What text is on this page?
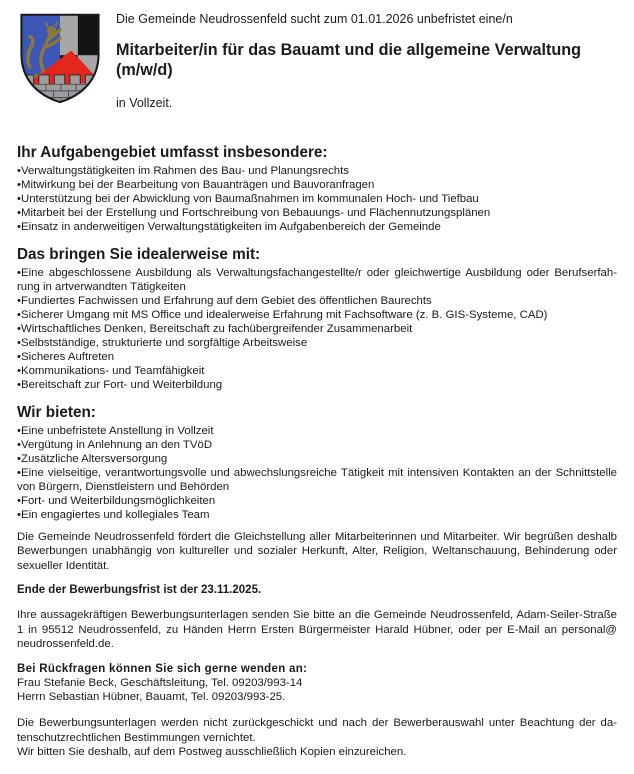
Die Gemeinde Neudrossenfeld sucht zum 01.01.2026 unbefristet eine/n

Mitarbeiter/in für das Bauamt und die allgemeine Verwaltung (m/w/d)

in Vollzeit.

Ihr Aufgabengebiet umfasst insbesondere:

• Verwaltungstätigkeiten im Rahmen des Bau- und Planungsrechts
• Mitwirkung bei der Bearbeitung von Bauanträgen und Bauvoranfragen
• Unterstützung bei der Abwicklung von Baumaßnahmen im kommunalen Hoch- und Tiefbau
• Mitarbeit bei der Erstellung und Fortschreibung von Bebauungs- und Flächennutzungsplänen
• Einsatz in anderweitigen Verwaltungstätigkeiten im Aufgabenbereich der Gemeinde

Das bringen Sie idealerweise mit:

• Eine abgeschlossene Ausbildung als Verwaltungsfachangestellte/r oder gleichwertige Ausbildung oder Berufserfahrung in artverwandten Tätigkeiten
• Fundiertes Fachwissen und Erfahrung auf dem Gebiet des öffentlichen Baurechts
• Sicherer Umgang mit MS Office und idealerweise Erfahrung mit Fachsoftware (z. B. GIS-Systeme, CAD)
• Wirtschaftliches Denken, Bereitschaft zu fachübergreifender Zusammenarbeit
• Selbstständige, strukturierte und sorgfältige Arbeitsweise
• Sicheres Auftreten
• Kommunikations- und Teamfähigkeit
• Bereitschaft zur Fort- und Weiterbildung

Wir bieten:

• Eine unbefristete Anstellung in Vollzeit
• Vergütung in Anlehnung an den TVöD
• Zusätzliche Altersversorgung
• Eine vielseitige, verantwortungsvolle und abwechslungsreiche Tätigkeit mit intensiven Kontakten an der Schnittstelle von Bürgern, Dienstleistern und Behörden
• Fort- und Weiterbildungsmöglichkeiten
• Ein engagiertes und kollegiales Team

Die Gemeinde Neudrossenfeld fördert die Gleichstellung aller Mitarbeiterinnen und Mitarbeiter. Wir begrüßen deshalb Bewerbungen unabhängig von kultureller und sozialer Herkunft, Alter, Religion, Weltanschauung, Behinderung oder sexueller Identität.

Ende der Bewerbungsfrist ist der 23.11.2025.

Ihre aussagekräftigen Bewerbungsunterlagen senden Sie bitte an die Gemeinde Neudrossenfeld, Adam-Seiler-Straße 1 in 95512 Neudrossenfeld, zu Händen Herrn Ersten Bürgermeister Harald Hübner, oder per E-Mail an personal@​neudrossenfeld.de.

Bei Rückfragen können Sie sich gerne wenden an:

Frau Stefanie Beck, Geschäftsleitung, Tel. 09203/993-14

Herrn Sebastian Hübner, Bauamt, Tel. 09203/993-25.

Die Bewerbungsunterlagen werden nicht zurückgeschickt und nach der Bewerberauswahl unter Beachtung der datenschutzrechtlichen Bestimmungen vernichtet.

Wir bitten Sie deshalb, auf dem Postweg ausschließlich Kopien einzureichen.
